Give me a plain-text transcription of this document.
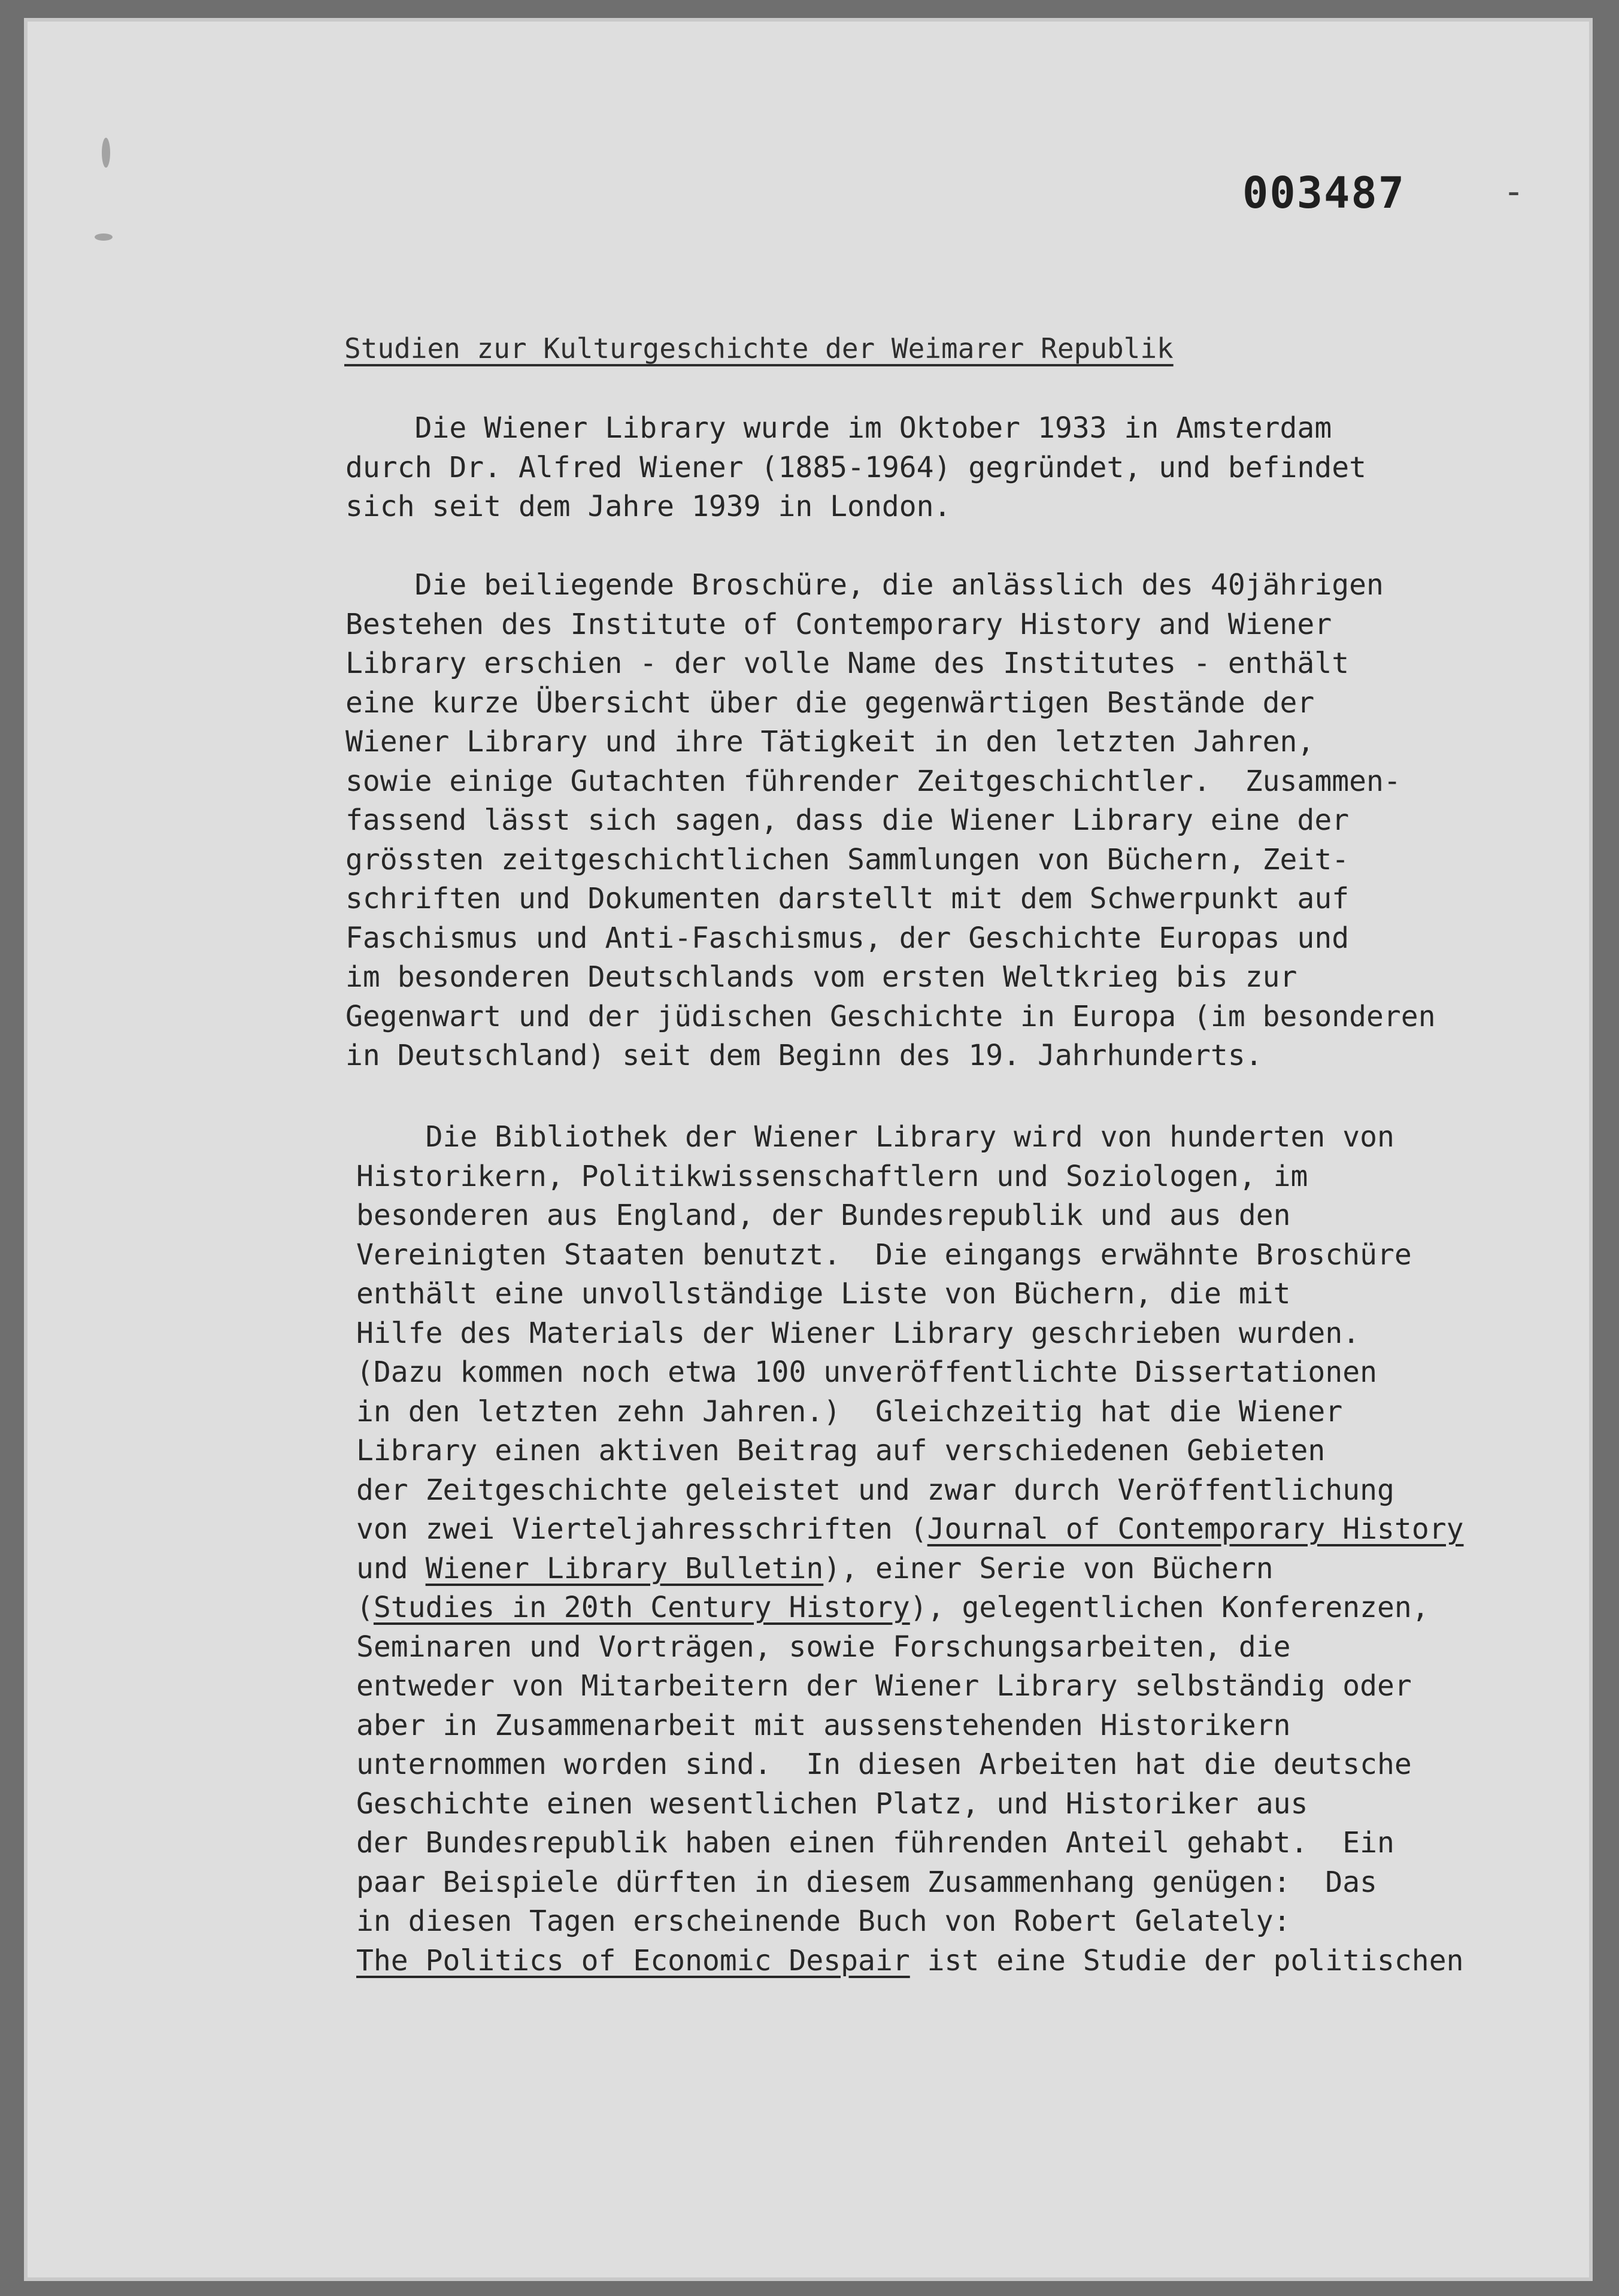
003487	-
Studien zur Kulturgeschichte der Weimarer Republik
Die Wiener Library wurde im Oktober 1933 in Amsterdam
durch Dr. Alfred Wiener (1885-1964) gegründet, und befindet
sich seit dem Jahre 1939 in London.
Die beiliegende Broschüre, die anlässlich des 40jährigen
Bestehen des Institute of Contemporary History and Wiener
Library erschien - der volle Name des Institutes - enthält
eine kurze Übersicht über die gegenwärtigen Bestände der
Wiener Library und ihre Tätigkeit in den letzten Jahren,
sowie einige Gutachten führender Zeitgeschichtler.  Zusammen-
fassend lässt sich sagen, dass die Wiener Library eine der
grössten zeitgeschichtlichen Sammlungen von Büchern, Zeit-
schriften und Dokumenten darstellt mit dem Schwerpunkt auf
Faschismus und Anti-Faschismus, der Geschichte Europas und
im besonderen Deutschlands vom ersten Weltkrieg bis zur
Gegenwart und der jüdischen Geschichte in Europa (im besonderen
in Deutschland) seit dem Beginn des 19. Jahrhunderts.
Die Bibliothek der Wiener Library wird von hunderten von
Historikern, Politikwissenschaftlern und Soziologen, im
besonderen aus England, der Bundesrepublik und aus den
Vereinigten Staaten benutzt.  Die eingangs erwähnte Broschüre
enthält eine unvollständige Liste von Büchern, die mit
Hilfe des Materials der Wiener Library geschrieben wurden.
(Dazu kommen noch etwa 100 unveröffentlichte Dissertationen
in den letzten zehn Jahren.)  Gleichzeitig hat die Wiener
Library einen aktiven Beitrag auf verschiedenen Gebieten
der Zeitgeschichte geleistet und zwar durch Veröffentlichung
von zwei Vierteljahresschriften (Journal of Contemporary History
und Wiener Library Bulletin), einer Serie von Büchern
(Studies in 20th Century History), gelegentlichen Konferenzen,
Seminaren und Vorträgen, sowie Forschungsarbeiten, die
entweder von Mitarbeitern der Wiener Library selbständig oder
aber in Zusammenarbeit mit aussenstehenden Historikern
unternommen worden sind.  In diesen Arbeiten hat die deutsche
Geschichte einen wesentlichen Platz, und Historiker aus
der Bundesrepublik haben einen führenden Anteil gehabt.  Ein
paar Beispiele dürften in diesem Zusammenhang genügen:  Das
in diesen Tagen erscheinende Buch von Robert Gelately:
The Politics of Economic Despair ist eine Studie der politischen
